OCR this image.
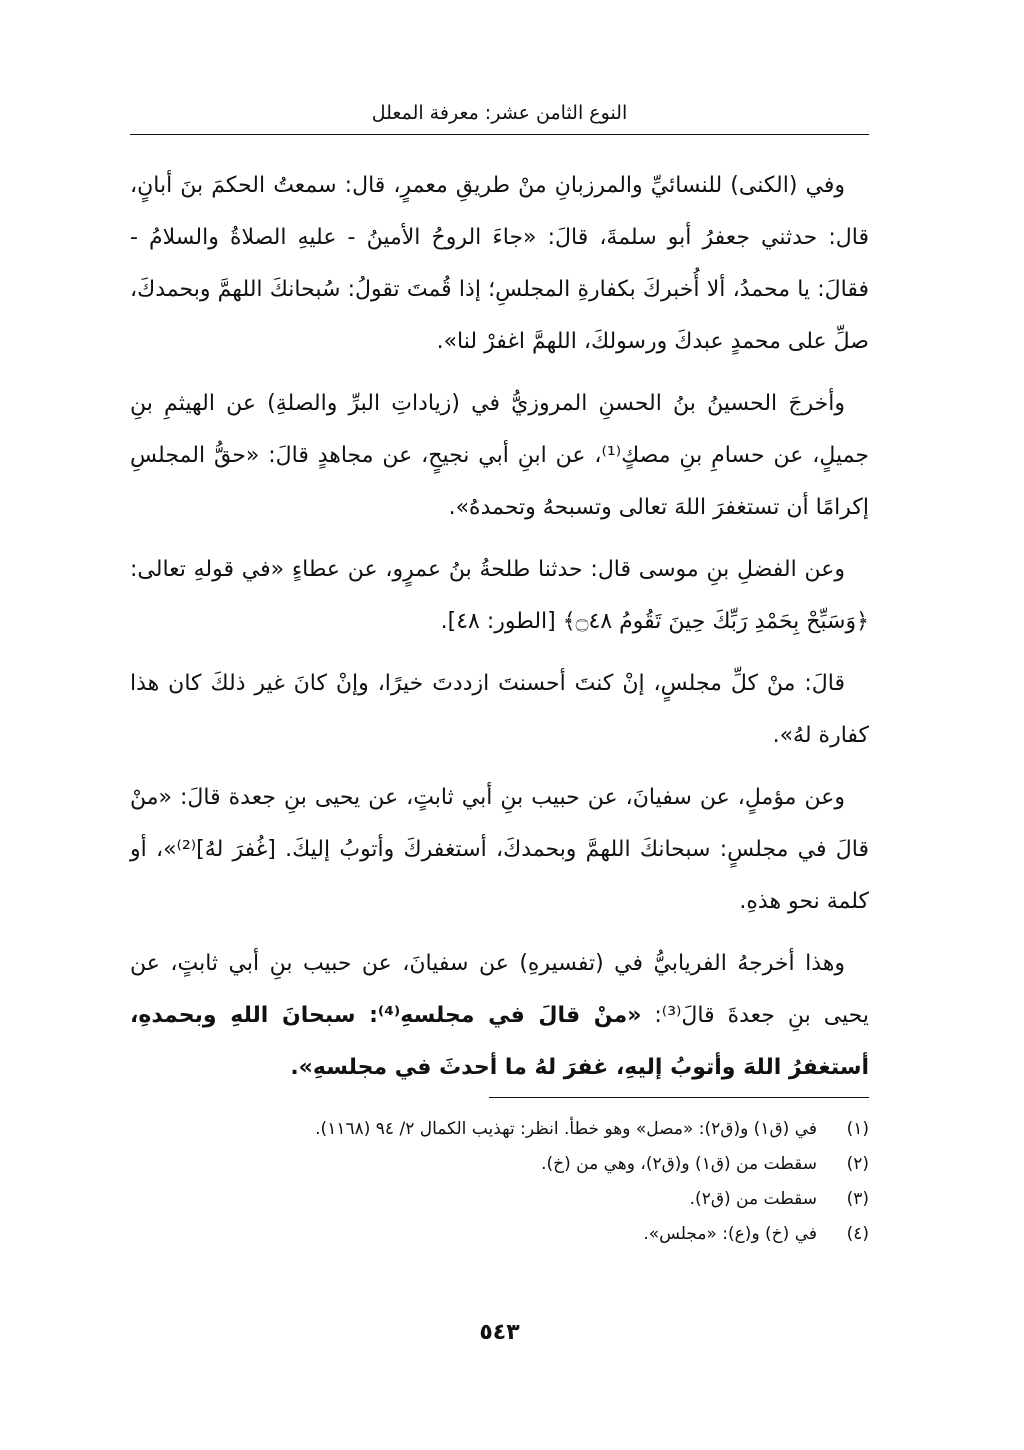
النوع الثامن عشر: معرفة المعلل

وفي (الكنى) للنسائيِّ والمرزبانِ منْ طريقِ معمرٍ، قال: سمعتُ الحكمَ بنَ أبانٍ، قال: حدثني جعفرُ أبو سلمةَ، قالَ: «جاءَ الروحُ الأمينُ - عليهِ الصلاةُ والسلامُ - فقالَ: يا محمدُ، ألا أُخبركَ بكفارةِ المجلسِ؛ إذا قُمتَ تقولُ: سُبحانكَ اللهمَّ وبحمدكَ، صلِّ على محمدٍ عبدكَ ورسولكَ، اللهمَّ اغفرْ لنا».

وأخرجَ الحسينُ بنُ الحسنِ المروزيُّ في (زياداتِ البرِّ والصلةِ) عن الهيثمِ بنِ جميلٍ، عن حسامِ بنِ مصكٍ⁽¹⁾، عن ابنِ أبي نجيحٍ، عن مجاهدٍ قالَ: «حقُّ المجلسِ إكرامًا أن تستغفرَ اللهَ تعالى وتسبحهُ وتحمدهُ».

وعن الفضلِ بنِ موسى قال: حدثنا طلحةُ بنُ عمرٍو، عن عطاءٍ «في قولهِ تعالى: ﴿وَسَبِّحْ بِحَمْدِ رَبِّكَ حِينَ تَقُومُ ۝٤٨﴾ [الطور: ٤٨].

قالَ: منْ كلِّ مجلسٍ، إنْ كنتَ أحسنتَ ازددتَ خيرًا، وإنْ كانَ غير ذلكَ كان هذا كفارة لهُ».

وعن مؤملٍ، عن سفيانَ، عن حبيب بنِ أبي ثابتٍ، عن يحيى بنِ جعدة قالَ: «منْ قالَ في مجلسٍ: سبحانكَ اللهمَّ وبحمدكَ، أستغفركَ وأتوبُ إليكَ. [غُفرَ لهُ]⁽²⁾»، أو كلمة نحو هذهِ.

وهذا أخرجهُ الفريابيُّ في (تفسيرهِ) عن سفيانَ، عن حبيب بنِ أبي ثابتٍ، عن يحيى بنِ جعدةَ قالَ⁽³⁾: «منْ قالَ في مجلسهِ⁽⁴⁾: سبحانَ اللهِ وبحمدهِ، أستغفرُ اللهَ وأتوبُ إليهِ، غفرَ لهُ ما أحدثَ في مجلسهِ».

(١)في (ق١) و(ق٢): «مصل» وهو خطأ. انظر: تهذيب الكمال ٢/ ٩٤ (١١٦٨).
(٢)سقطت من (ق١) و(ق٢)، وهي من (خ).
(٣)سقطت من (ق٢).
(٤)في (خ) و(ع): «مجلس».
٥٤٣
